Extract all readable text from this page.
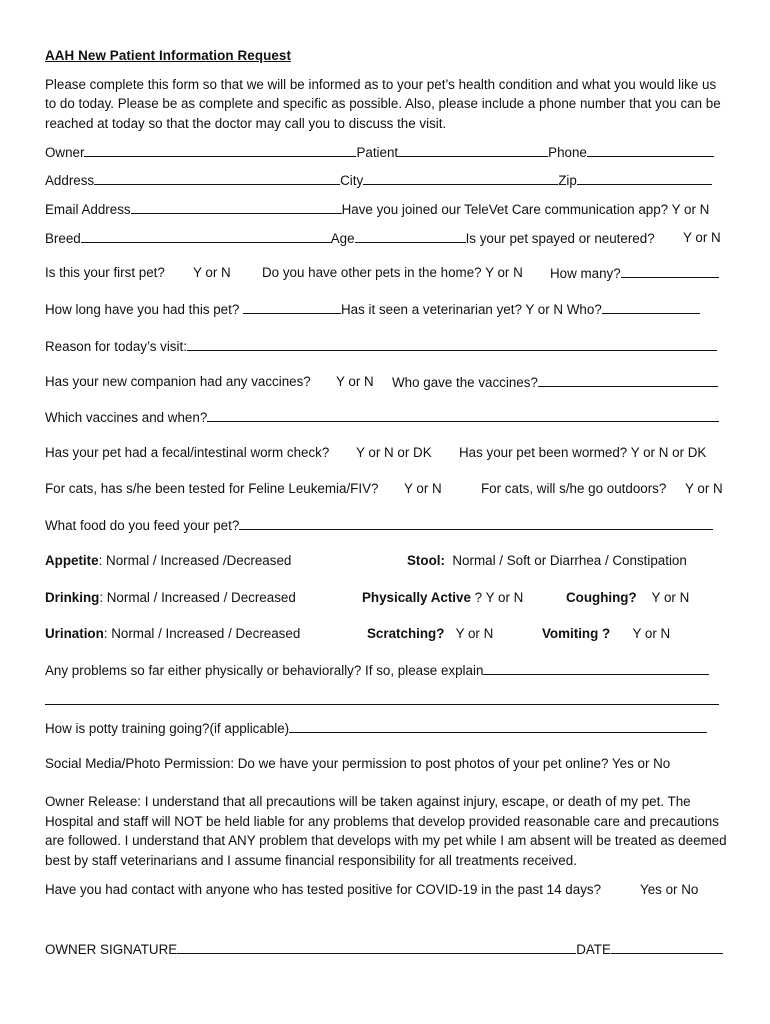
AAH New Patient Information Request
Please complete this form so that we will be informed as to your pet’s health condition and what you would like us to do today. Please be as complete and specific as possible. Also, please include a phone number that you can be reached at today so that the doctor may call you to discuss the visit.
Owner	Patient	Phone
Address	City	Zip
Email Address	Have you joined our TeleVet Care communication app? Y or N
Breed	Age	Is your pet spayed or neutered? Y or N
Is this your first pet? Y or N Do you have other pets in the home? Y or N How many?
How long have you had this pet?	Has it seen a veterinarian yet? Y or N Who?
Reason for today’s visit:
Has your new companion had any vaccines? Y or N Who gave the vaccines?
Which vaccines and when?
Has your pet had a fecal/intestinal worm check? Y or N or DK Has your pet been wormed? Y or N or DK
For cats, has s/he been tested for Feline Leukemia/FIV? Y or N	For cats, will s/he go outdoors? Y or N
What food do you feed your pet?
Appetite: Normal / Increased /Decreased	Stool: Normal / Soft or Diarrhea / Constipation
Drinking: Normal / Increased / Decreased	Physically Active ? Y or N	Coughing? Y or N
Urination: Normal / Increased / Decreased	Scratching? Y or N	Vomiting ? Y or N
Any problems so far either physically or behaviorally? If so, please explain
How is potty training going?(if applicable)
Social Media/Photo Permission: Do we have your permission to post photos of your pet online? Yes or No
Owner Release: I understand that all precautions will be taken against injury, escape, or death of my pet. The Hospital and staff will NOT be held liable for any problems that develop provided reasonable care and precautions are followed. I understand that ANY problem that develops with my pet while I am absent will be treated as deemed best by staff veterinarians and I assume financial responsibility for all treatments received.
Have you had contact with anyone who has tested positive for COVID-19 in the past 14 days?	Yes or No
OWNER SIGNATURE	DATE
